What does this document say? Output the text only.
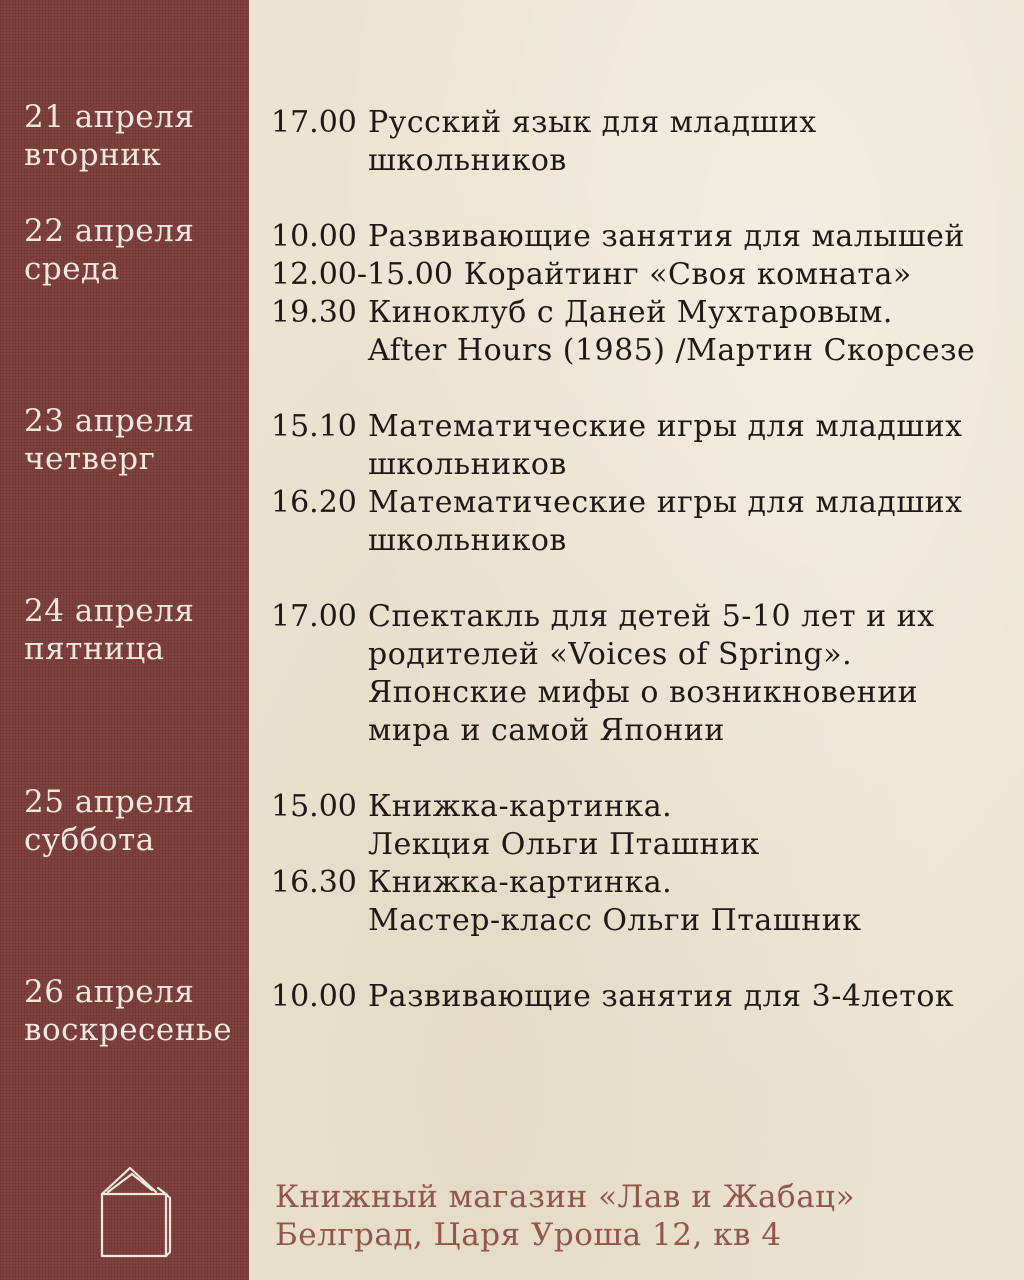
21 апреля
вторник
22 апреля
среда
23 апреля
четверг
24 апреля
пятница
25 апреля
суббота
26 апреля
воскресенье
17.00 Русский язык для младших
школьников
10.00 Развивающие занятия для малышей
12.00-15.00 Корайтинг «Своя комната»
19.30 Киноклуб с Даней Мухтаровым.
After Hours (1985) /Мартин Скорсезе
15.10 Математические игры для младших
школьников
16.20 Математические игры для младших
школьников
17.00 Спектакль для детей 5-10 лет и их
родителей «Voices of Spring».
Японские мифы о возникновении
мира и самой Японии
15.00 Книжка-картинка.
Лекция Ольги Пташник
16.30 Книжка-картинка.
Мастер-класс Ольги Пташник
10.00 Развивающие занятия для 3-4леток
Книжный магазин «Лав и Жабац»
Белград, Царя Уроша 12, кв 4
